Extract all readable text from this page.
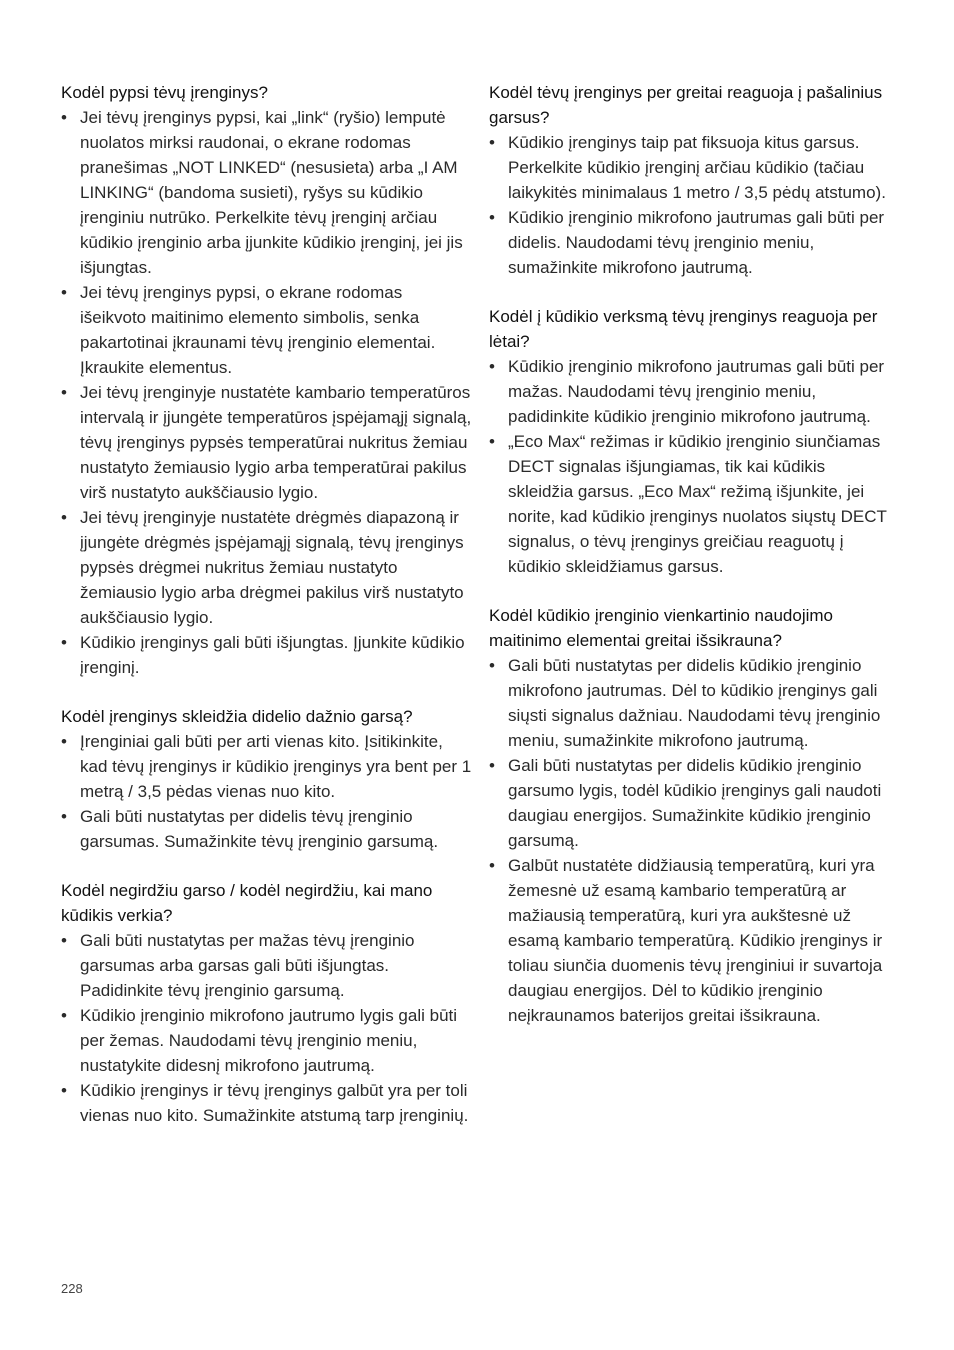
Kodėl pypsi tėvų įrenginys?
• Jei tėvų įrenginys pypsi, kai „link“ (ryšio) lemputė nuolatos mirksi raudonai, o ekrane rodomas pranešimas „NOT LINKED“ (nesusieta) arba „I AM LINKING“ (bandoma susieti), ryšys su kūdikio įrenginiu nutrūko. Perkelkite tėvų įrenginį arčiau kūdikio įrenginio arba įjunkite kūdikio įrenginį, jei jis išjungtas.
• Jei tėvų įrenginys pypsi, o ekrane rodomas išeikvoto maitinimo elemento simbolis, senka pakartotinai įkraunami tėvų įrenginio elementai. Įkraukite elementus.
• Jei tėvų įrenginyje nustatėte kambario temperatūros intervalą ir įjungėte temperatūros įspėjamąjį signalą, tėvų įrenginys pypsės temperatūrai nukritus žemiau nustatyto žemiausio lygio arba temperatūrai pakilus virš nustatyto aukščiausio lygio.
• Jei tėvų įrenginyje nustatėte drėgmės diapazoną ir įjungėte drėgmės įspėjamąjį signalą, tėvų įrenginys pypsės drėgmei nukritus žemiau nustatyto žemiausio lygio arba drėgmei pakilus virš nustatyto aukščiausio lygio.
• Kūdikio įrenginys gali būti išjungtas. Įjunkite kūdikio įrenginį.
Kodėl įrenginys skleidžia didelio dažnio garsą?
• Įrenginiai gali būti per arti vienas kito. Įsitikinkite, kad tėvų įrenginys ir kūdikio įrenginys yra bent per 1 metrą / 3,5 pėdas vienas nuo kito.
• Gali būti nustatytas per didelis tėvų įrenginio garsumas. Sumažinkite tėvų įrenginio garsumą.
Kodėl negirdžiu garso / kodėl negirdžiu, kai mano kūdikis verkia?
• Gali būti nustatytas per mažas tėvų įrenginio garsumas arba garsas gali būti išjungtas. Padidinkite tėvų įrenginio garsumą.
• Kūdikio įrenginio mikrofono jautrumo lygis gali būti per žemas. Naudodami tėvų įrenginio meniu, nustatykite didesnį mikrofono jautrumą.
• Kūdikio įrenginys ir tėvų įrenginys galbūt yra per toli vienas nuo kito. Sumažinkite atstumą tarp įrenginių.
Kodėl tėvų įrenginys per greitai reaguoja į pašalinius garsus?
• Kūdikio įrenginys taip pat fiksuoja kitus garsus. Perkelkite kūdikio įrenginį arčiau kūdikio (tačiau laikykitės minimalaus 1 metro / 3,5 pėdų atstumo).
• Kūdikio įrenginio mikrofono jautrumas gali būti per didelis. Naudodami tėvų įrenginio meniu, sumažinkite mikrofono jautrumą.
Kodėl į kūdikio verksmą tėvų įrenginys reaguoja per lėtai?
• Kūdikio įrenginio mikrofono jautrumas gali būti per mažas. Naudodami tėvų įrenginio meniu, padidinkite kūdikio įrenginio mikrofono jautrumą.
• „Eco Max“ režimas ir kūdikio įrenginio siunčiamas DECT signalas išjungiamas, tik kai kūdikis skleidžia garsus. „Eco Max“ režimą išjunkite, jei norite, kad kūdikio įrenginys nuolatos siųstų DECT signalus, o tėvų įrenginys greičiau reaguotų į kūdikio skleidžiamus garsus.
Kodėl kūdikio įrenginio vienkartinio naudojimo maitinimo elementai greitai išsikrauna?
• Gali būti nustatytas per didelis kūdikio įrenginio mikrofono jautrumas. Dėl to kūdikio įrenginys gali siųsti signalus dažniau. Naudodami tėvų įrenginio meniu, sumažinkite mikrofono jautrumą.
• Gali būti nustatytas per didelis kūdikio įrenginio garsumo lygis, todėl kūdikio įrenginys gali naudoti daugiau energijos. Sumažinkite kūdikio įrenginio garsumą.
• Galbūt nustatėte didžiausią temperatūrą, kuri yra žemesnė už esamą kambario temperatūrą ar mažiausią temperatūrą, kuri yra aukštesnė už esamą kambario temperatūrą. Kūdikio įrenginys ir toliau siunčia duomenis tėvų įrenginiui ir suvartoja daugiau energijos. Dėl to kūdikio įrenginio neįkraunamos baterijos greitai išsikrauna.
228
